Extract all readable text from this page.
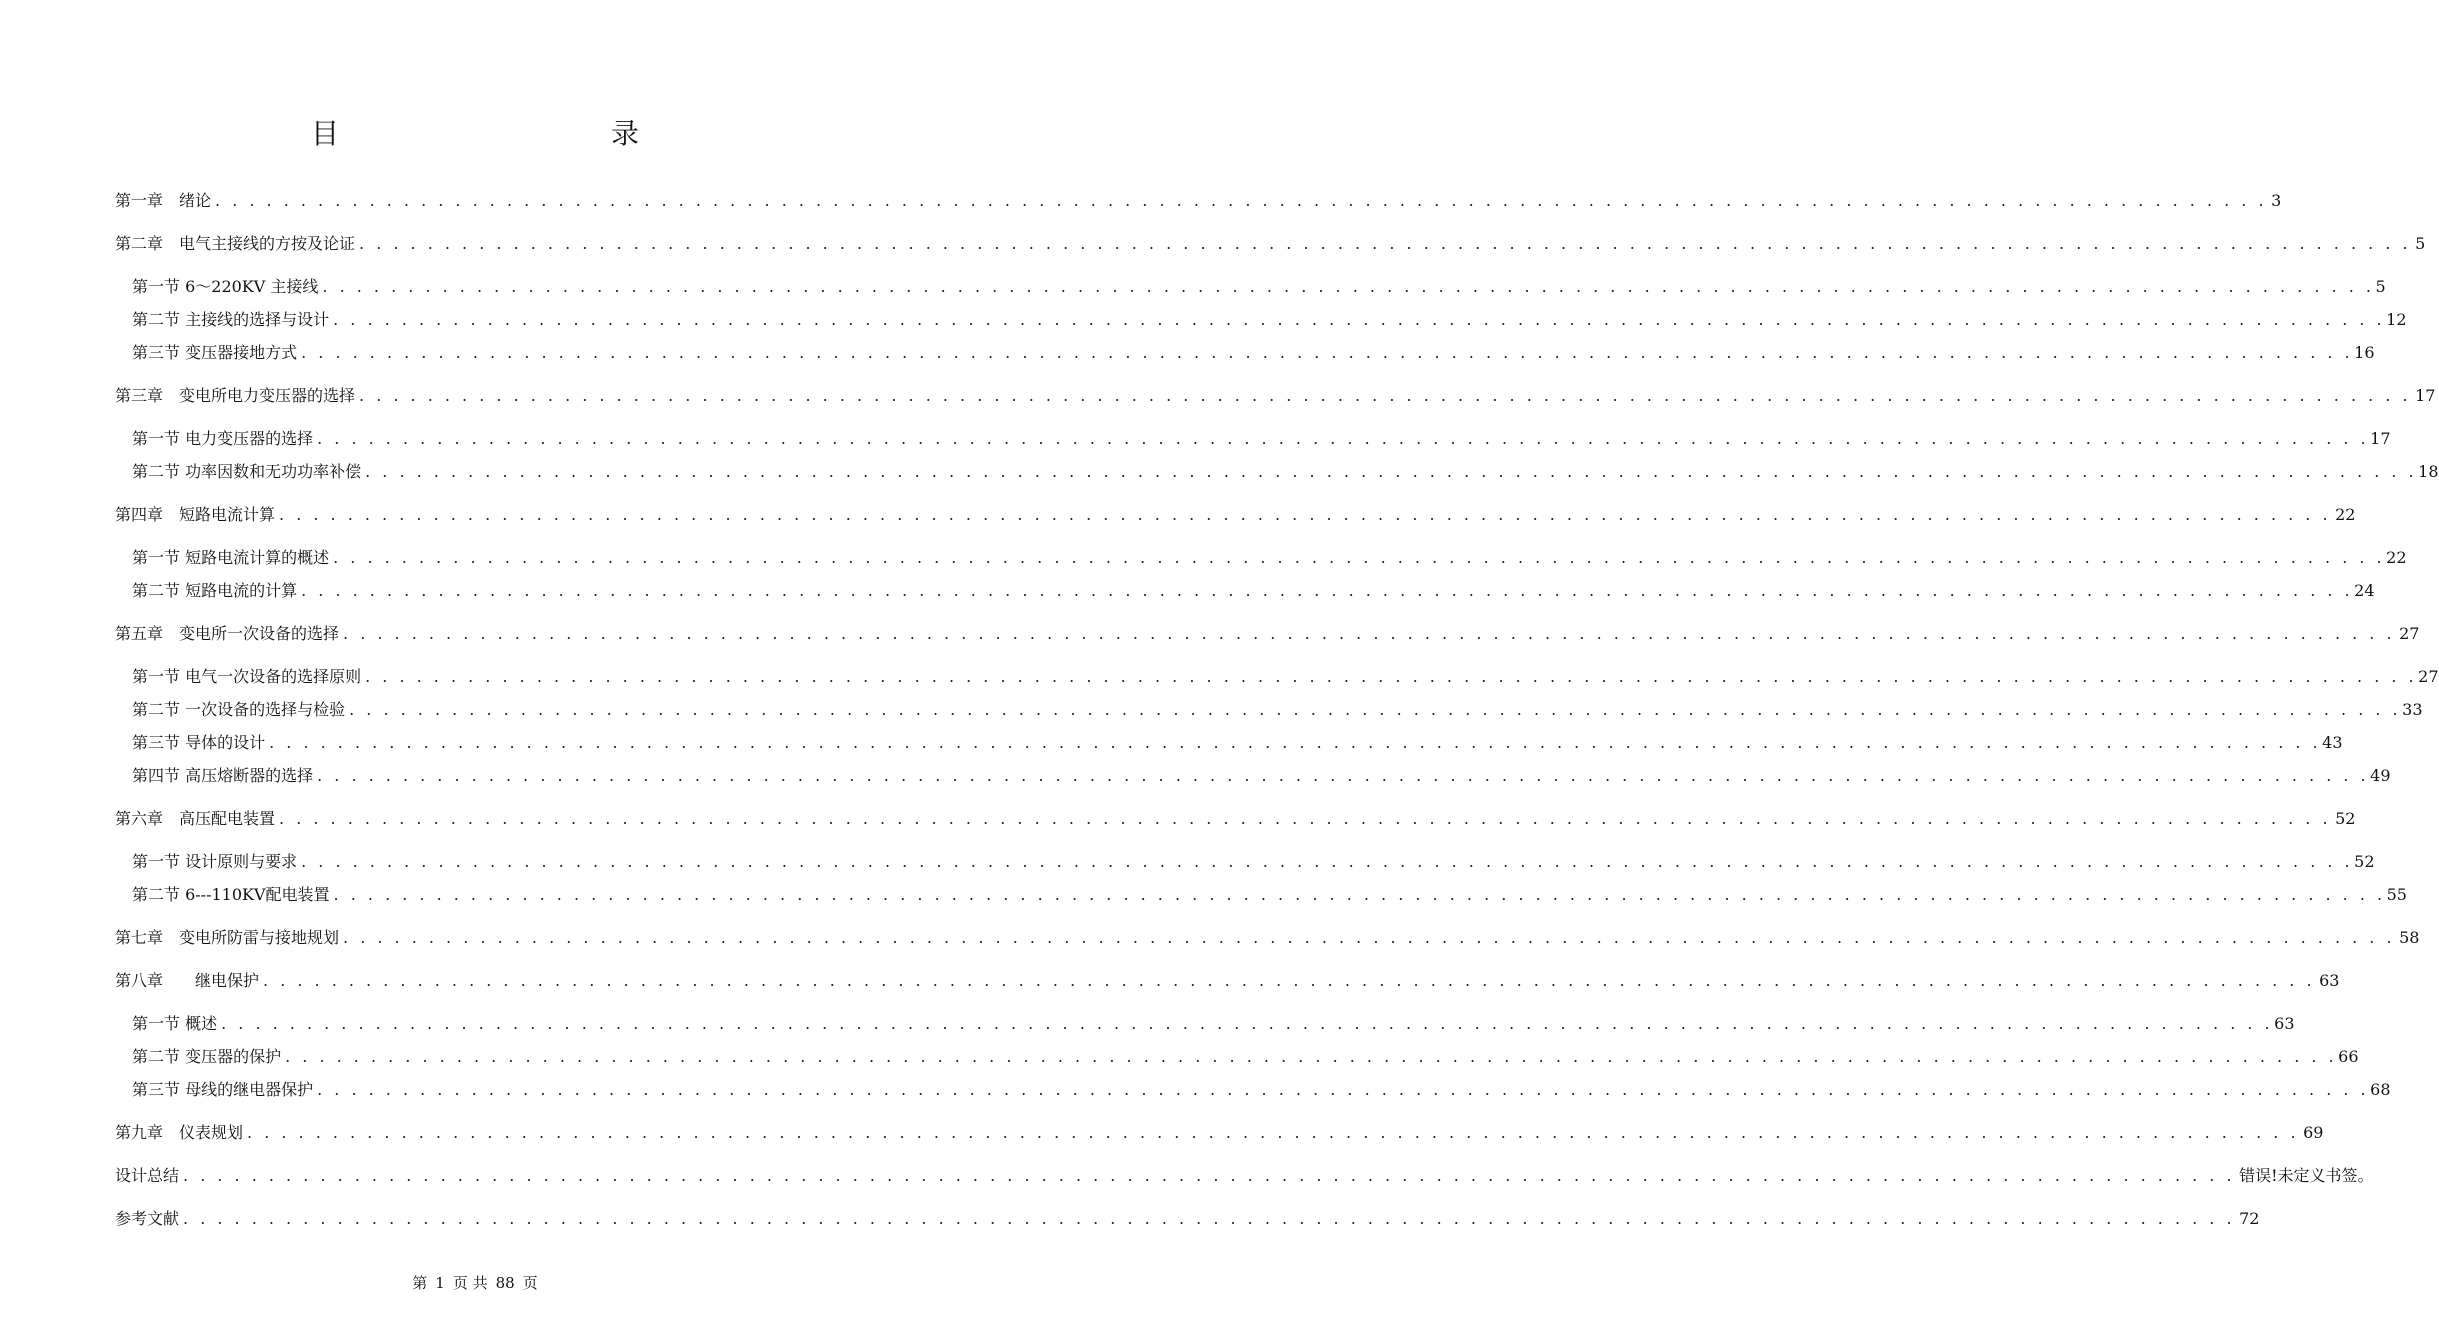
目　　录
第一章　绪论 . . . . . . . . . . . . . . . . . . . . . . . . . . . . . . . . . . . . . . . . . . . . . . . . . . . . . . . . . . . . . . . . . . . . . . . . . . . . . . . . . . . . . . . . . . . . . . . . . . . . . . . . . . . . . . . . . . . . . . . . 3
第二章　电气主接线的方按及论证 . . . . . . . . . . . . . . . . . . . . . . . . . . . . . . . . . . . . . . . . . . . . . . . . . . . . . . . . . . . . . . . . . . . . . . . . . . . . . . . . . . . . . . . . . . . . . . . . . . . . . . . . . . . . . . . . . . . . . . . . 5
第一节 6～220KV 主接线 . . . . . . . . . . . . . . . . . . . . . . . . . . . . . . . . . . . . . . . . . . . . . . . . . . . . . . . . . . . . . . . . . . . . . . . . . . . . . . . . . . . . . . . . . . . . . . . . . . . . . . . . . . . . . . . . . . . . . . . . 5
第二节 主接线的选择与设计 . . . . . . . . . . . . . . . . . . . . . . . . . . . . . . . . . . . . . . . . . . . . . . . . . . . . . . . . . . . . . . . . . . . . . . . . . . . . . . . . . . . . . . . . . . . . . . . . . . . . . . . . . . . . . . . . . . . . . . . . 12
第三节 变压器接地方式 . . . . . . . . . . . . . . . . . . . . . . . . . . . . . . . . . . . . . . . . . . . . . . . . . . . . . . . . . . . . . . . . . . . . . . . . . . . . . . . . . . . . . . . . . . . . . . . . . . . . . . . . . . . . . . . . . . . . . . . . 16
第三章　变电所电力变压器的选择 . . . . . . . . . . . . . . . . . . . . . . . . . . . . . . . . . . . . . . . . . . . . . . . . . . . . . . . . . . . . . . . . . . . . . . . . . . . . . . . . . . . . . . . . . . . . . . . . . . . . . . . . . . . . . . . . . . . . . . . . 17
第一节 电力变压器的选择 . . . . . . . . . . . . . . . . . . . . . . . . . . . . . . . . . . . . . . . . . . . . . . . . . . . . . . . . . . . . . . . . . . . . . . . . . . . . . . . . . . . . . . . . . . . . . . . . . . . . . . . . . . . . . . . . . . . . . . . . 17
第二节 功率因数和无功功率补偿 . . . . . . . . . . . . . . . . . . . . . . . . . . . . . . . . . . . . . . . . . . . . . . . . . . . . . . . . . . . . . . . . . . . . . . . . . . . . . . . . . . . . . . . . . . . . . . . . . . . . . . . . . . . . . . . . . . . . . . . . 18
第四章　短路电流计算 . . . . . . . . . . . . . . . . . . . . . . . . . . . . . . . . . . . . . . . . . . . . . . . . . . . . . . . . . . . . . . . . . . . . . . . . . . . . . . . . . . . . . . . . . . . . . . . . . . . . . . . . . . . . . . . . . . . . . . . . 22
第一节 短路电流计算的概述 . . . . . . . . . . . . . . . . . . . . . . . . . . . . . . . . . . . . . . . . . . . . . . . . . . . . . . . . . . . . . . . . . . . . . . . . . . . . . . . . . . . . . . . . . . . . . . . . . . . . . . . . . . . . . . . . . . . . . . . . 22
第二节 短路电流的计算 . . . . . . . . . . . . . . . . . . . . . . . . . . . . . . . . . . . . . . . . . . . . . . . . . . . . . . . . . . . . . . . . . . . . . . . . . . . . . . . . . . . . . . . . . . . . . . . . . . . . . . . . . . . . . . . . . . . . . . . . 24
第五章　变电所一次设备的选择 . . . . . . . . . . . . . . . . . . . . . . . . . . . . . . . . . . . . . . . . . . . . . . . . . . . . . . . . . . . . . . . . . . . . . . . . . . . . . . . . . . . . . . . . . . . . . . . . . . . . . . . . . . . . . . . . . . . . . . . . 27
第一节 电气一次设备的选择原则 . . . . . . . . . . . . . . . . . . . . . . . . . . . . . . . . . . . . . . . . . . . . . . . . . . . . . . . . . . . . . . . . . . . . . . . . . . . . . . . . . . . . . . . . . . . . . . . . . . . . . . . . . . . . . . . . . . . . . . . . 27
第二节 一次设备的选择与检验 . . . . . . . . . . . . . . . . . . . . . . . . . . . . . . . . . . . . . . . . . . . . . . . . . . . . . . . . . . . . . . . . . . . . . . . . . . . . . . . . . . . . . . . . . . . . . . . . . . . . . . . . . . . . . . . . . . . . . . . . 33
第三节 导体的设计 . . . . . . . . . . . . . . . . . . . . . . . . . . . . . . . . . . . . . . . . . . . . . . . . . . . . . . . . . . . . . . . . . . . . . . . . . . . . . . . . . . . . . . . . . . . . . . . . . . . . . . . . . . . . . . . . . . . . . . . . 43
第四节 高压熔断器的选择 . . . . . . . . . . . . . . . . . . . . . . . . . . . . . . . . . . . . . . . . . . . . . . . . . . . . . . . . . . . . . . . . . . . . . . . . . . . . . . . . . . . . . . . . . . . . . . . . . . . . . . . . . . . . . . . . . . . . . . . . 49
第六章　高压配电装置 . . . . . . . . . . . . . . . . . . . . . . . . . . . . . . . . . . . . . . . . . . . . . . . . . . . . . . . . . . . . . . . . . . . . . . . . . . . . . . . . . . . . . . . . . . . . . . . . . . . . . . . . . . . . . . . . . . . . . . . . 52
第一节 设计原则与要求 . . . . . . . . . . . . . . . . . . . . . . . . . . . . . . . . . . . . . . . . . . . . . . . . . . . . . . . . . . . . . . . . . . . . . . . . . . . . . . . . . . . . . . . . . . . . . . . . . . . . . . . . . . . . . . . . . . . . . . . . 52
第二节 6---110KV配电装置 . . . . . . . . . . . . . . . . . . . . . . . . . . . . . . . . . . . . . . . . . . . . . . . . . . . . . . . . . . . . . . . . . . . . . . . . . . . . . . . . . . . . . . . . . . . . . . . . . . . . . . . . . . . . . . . . . . . . . . . . 55
第七章　变电所防雷与接地规划 . . . . . . . . . . . . . . . . . . . . . . . . . . . . . . . . . . . . . . . . . . . . . . . . . . . . . . . . . . . . . . . . . . . . . . . . . . . . . . . . . . . . . . . . . . . . . . . . . . . . . . . . . . . . . . . . . . . . . . . . 58
第八章　　继电保护 . . . . . . . . . . . . . . . . . . . . . . . . . . . . . . . . . . . . . . . . . . . . . . . . . . . . . . . . . . . . . . . . . . . . . . . . . . . . . . . . . . . . . . . . . . . . . . . . . . . . . . . . . . . . . . . . . . . . . . . . 63
第一节 概述 . . . . . . . . . . . . . . . . . . . . . . . . . . . . . . . . . . . . . . . . . . . . . . . . . . . . . . . . . . . . . . . . . . . . . . . . . . . . . . . . . . . . . . . . . . . . . . . . . . . . . . . . . . . . . . . . . . . . . . . . 63
第二节 变压器的保护 . . . . . . . . . . . . . . . . . . . . . . . . . . . . . . . . . . . . . . . . . . . . . . . . . . . . . . . . . . . . . . . . . . . . . . . . . . . . . . . . . . . . . . . . . . . . . . . . . . . . . . . . . . . . . . . . . . . . . . . . 66
第三节 母线的继电器保护 . . . . . . . . . . . . . . . . . . . . . . . . . . . . . . . . . . . . . . . . . . . . . . . . . . . . . . . . . . . . . . . . . . . . . . . . . . . . . . . . . . . . . . . . . . . . . . . . . . . . . . . . . . . . . . . . . . . . . . . . 68
第九章　仪表规划 . . . . . . . . . . . . . . . . . . . . . . . . . . . . . . . . . . . . . . . . . . . . . . . . . . . . . . . . . . . . . . . . . . . . . . . . . . . . . . . . . . . . . . . . . . . . . . . . . . . . . . . . . . . . . . . . . . . . . . . . 69
设计总结 . . . . . . . . . . . . . . . . . . . . . . . . . . . . . . . . . . . . . . . . . . . . . . . . . . . . . . . . . . . . . . . . . . . . . . . . . . . . . . . . . . . . . . . . . . . . . . . . . . . . . . . . . . . . . . . . . . . . . . . . 错误!未定义书签。
参考文献 . . . . . . . . . . . . . . . . . . . . . . . . . . . . . . . . . . . . . . . . . . . . . . . . . . . . . . . . . . . . . . . . . . . . . . . . . . . . . . . . . . . . . . . . . . . . . . . . . . . . . . . . . . . . . . . . . . . . . . . . 72
第 1 页 共 88 页
